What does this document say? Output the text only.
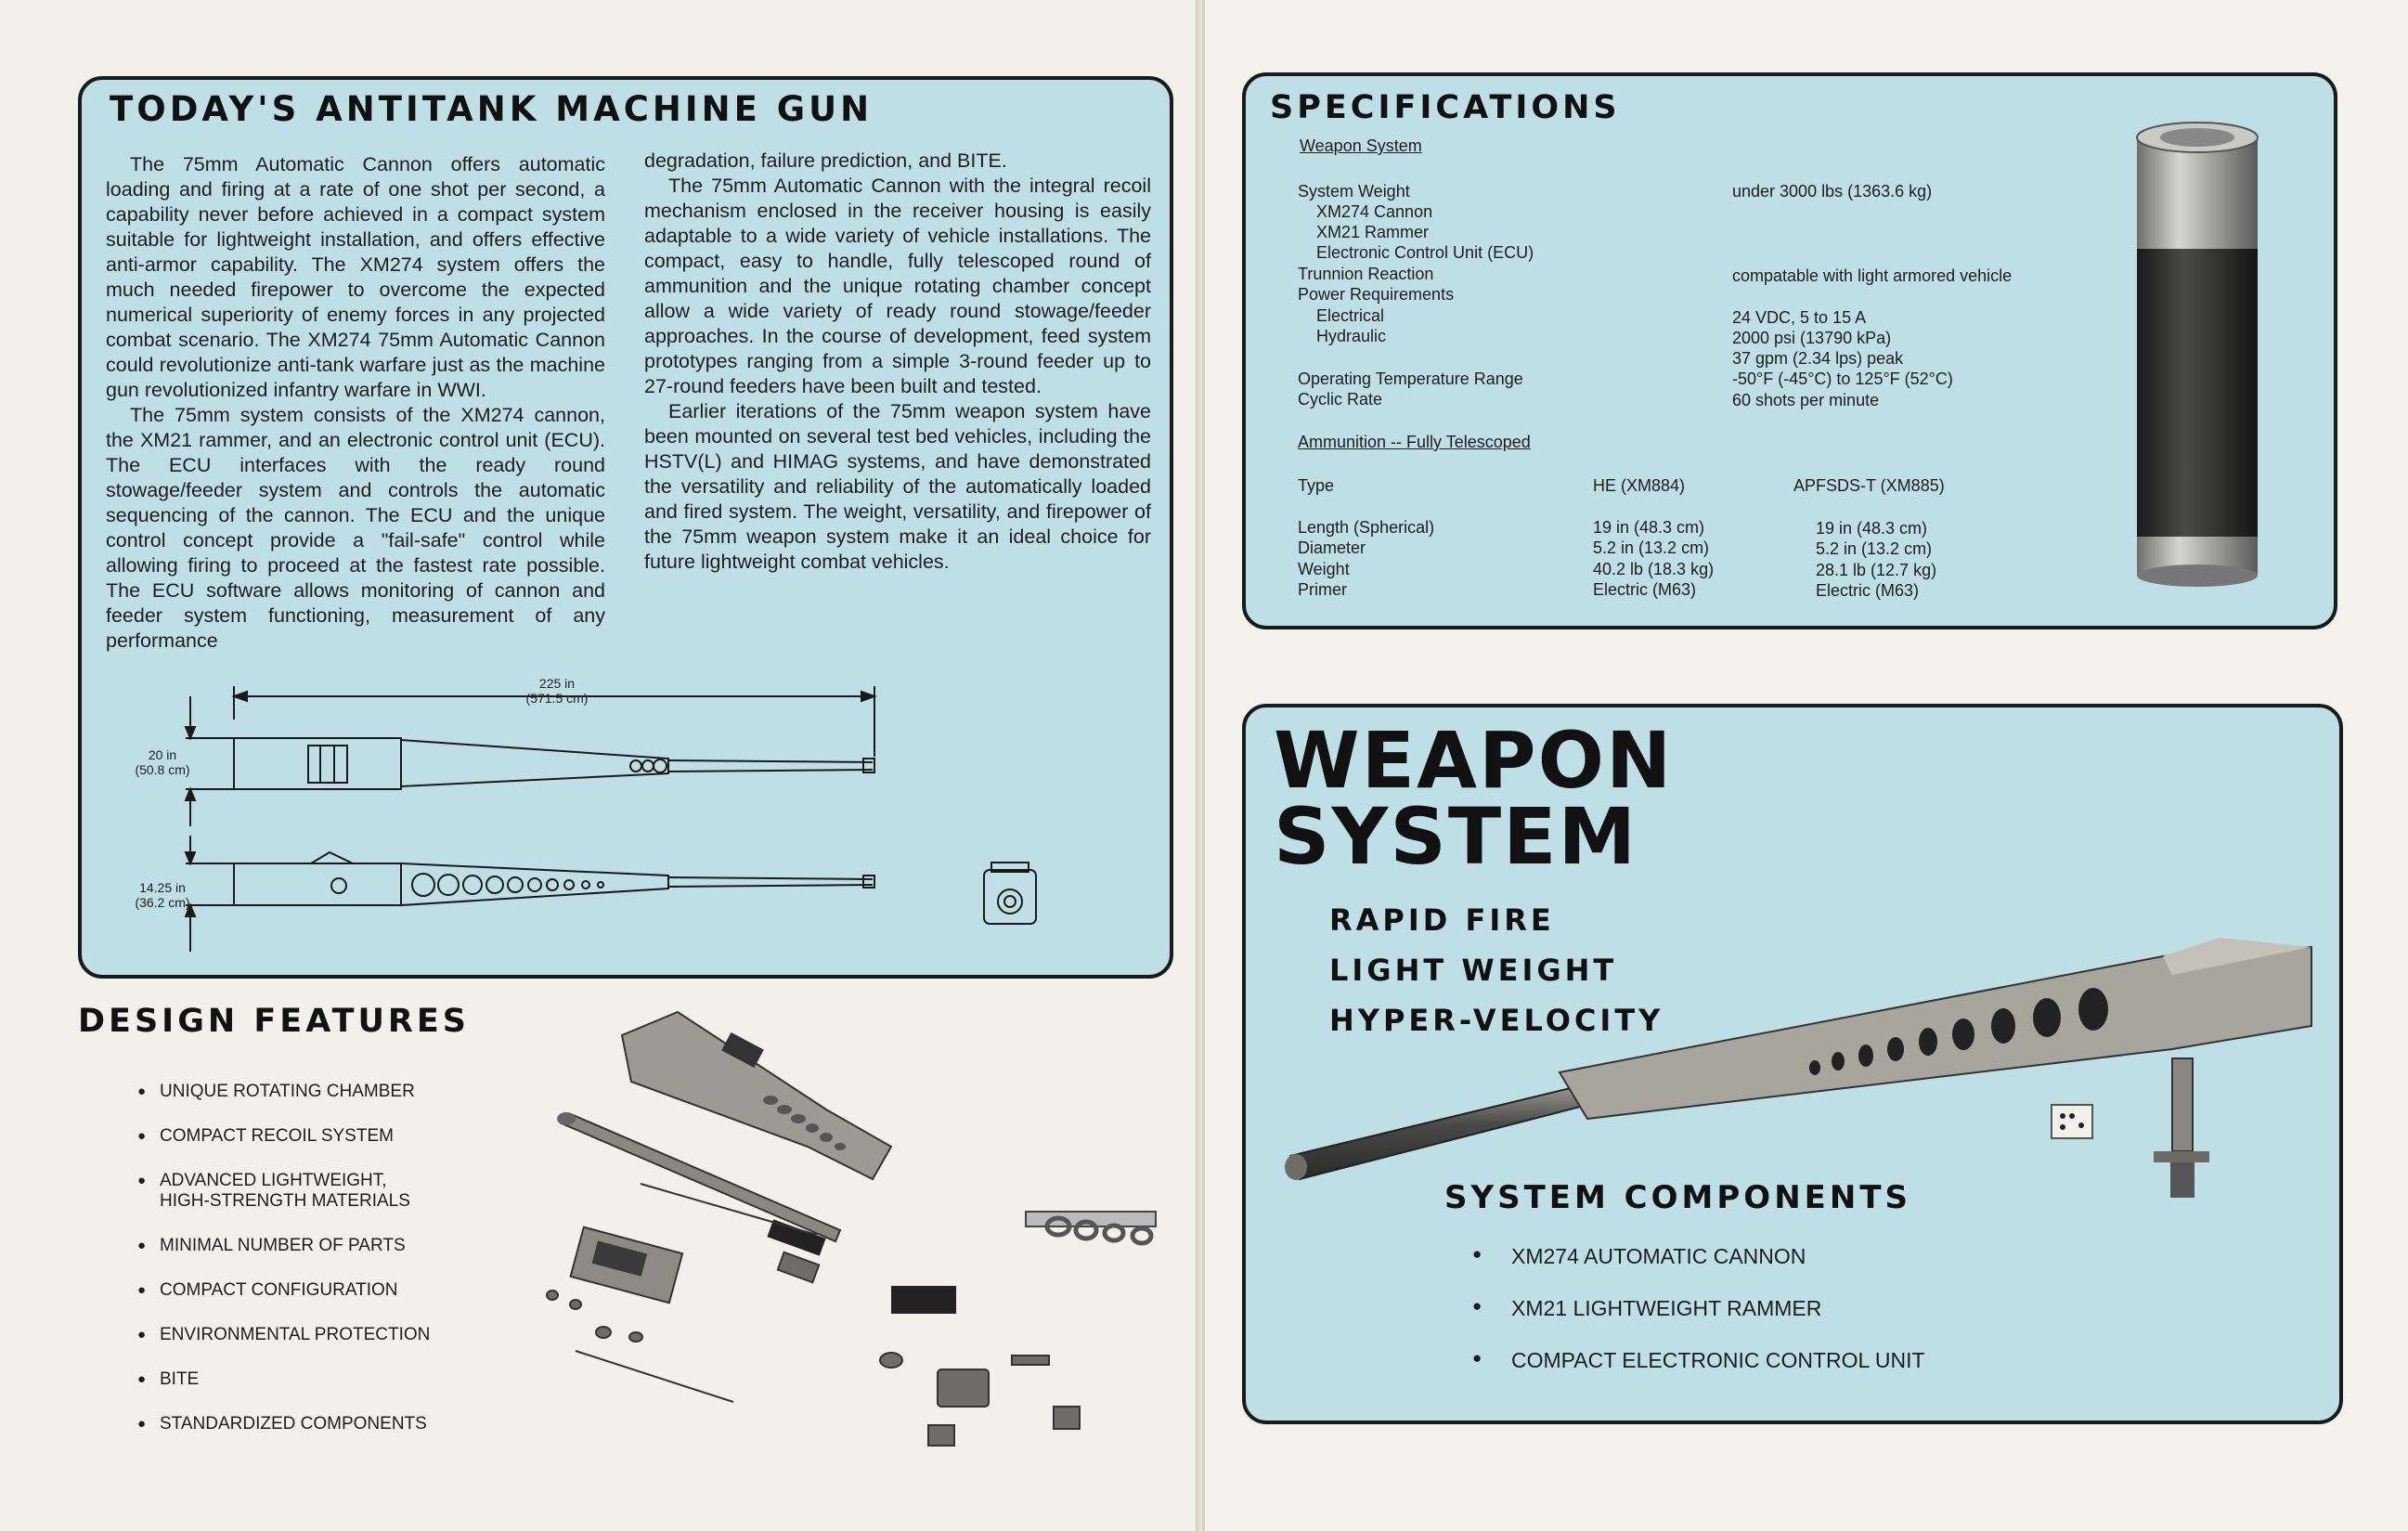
TODAY'S ANTITANK MACHINE GUN

The 75mm Automatic Cannon offers automatic loading and firing at a rate of one shot per second, a capability never before achieved in a compact system suitable for lightweight installation, and offers effective anti-armor capability. The XM274 system offers the much needed firepower to overcome the expected numerical superiority of enemy forces in any projected combat scenario. The XM274 75mm Automatic Cannon could revolutionize anti-tank warfare just as the machine gun revolutionized infantry warfare in WWI.

The 75mm system consists of the XM274 cannon, the XM21 rammer, and an electronic control unit (ECU). The ECU interfaces with the ready round stowage/feeder system and controls the automatic sequencing of the cannon. The ECU and the unique control concept provide a "fail-safe" control while allowing firing to proceed at the fastest rate possible. The ECU software allows monitoring of cannon and feeder system functioning, measurement of any performance

degradation, failure prediction, and BITE.

The 75mm Automatic Cannon with the integral recoil mechanism enclosed in the receiver housing is easily adaptable to a wide variety of vehicle installations. The compact, easy to handle, fully telescoped round of ammunition and the unique rotating chamber concept allow a wide variety of ready round stowage/feeder approaches. In the course of development, feed system prototypes ranging from a simple 3-round feeder up to 27-round feeders have been built and tested.

Earlier iterations of the 75mm weapon system have been mounted on several test bed vehicles, including the HSTV(L) and HIMAG systems, and have demonstrated the versatility and reliability of the automatically loaded and fired system. The weight, versatility, and firepower of the 75mm weapon system make it an ideal choice for future lightweight combat vehicles.

225 in
(571.5 cm)
20 in
(50.8 cm)
14.25 in
(36.2 cm)
DESIGN FEATURES
● UNIQUE ROTATING CHAMBER
● COMPACT RECOIL SYSTEM
● ADVANCED LIGHTWEIGHT,
HIGH-STRENGTH MATERIALS
● MINIMAL NUMBER OF PARTS
● COMPACT CONFIGURATION
● ENVIRONMENTAL PROTECTION
● BITE
● STANDARDIZED COMPONENTS
SPECIFICATIONS
Weapon System
System Weight
XM274 Cannon
XM21 Rammer
Electronic Control Unit (ECU)
Trunnion Reaction
Power Requirements
Electrical
Hydraulic
Operating Temperature Range
Cyclic Rate
under 3000 lbs (1363.6 kg)
compatable with light armored vehicle
24 VDC, 5 to 15 A
2000 psi (13790 kPa)
37 gpm (2.34 lps) peak
-50°F (-45°C) to 125°F (52°C)
60 shots per minute
Ammunition -- Fully Telescoped
Type
Length (Spherical)
Diameter
Weight
Primer
HE (XM884)
19 in (48.3 cm)
5.2 in (13.2 cm)
40.2 lb (18.3 kg)
Electric (M63)
APFSDS-T (XM885)
19 in (48.3 cm)
5.2 in (13.2 cm)
28.1 lb (12.7 kg)
Electric (M63)
WEAPON
SYSTEM
RAPID FIRE
LIGHT WEIGHT
HYPER-VELOCITY
SYSTEM COMPONENTS
● XM274 AUTOMATIC CANNON
● XM21 LIGHTWEIGHT RAMMER
● COMPACT ELECTRONIC CONTROL UNIT
